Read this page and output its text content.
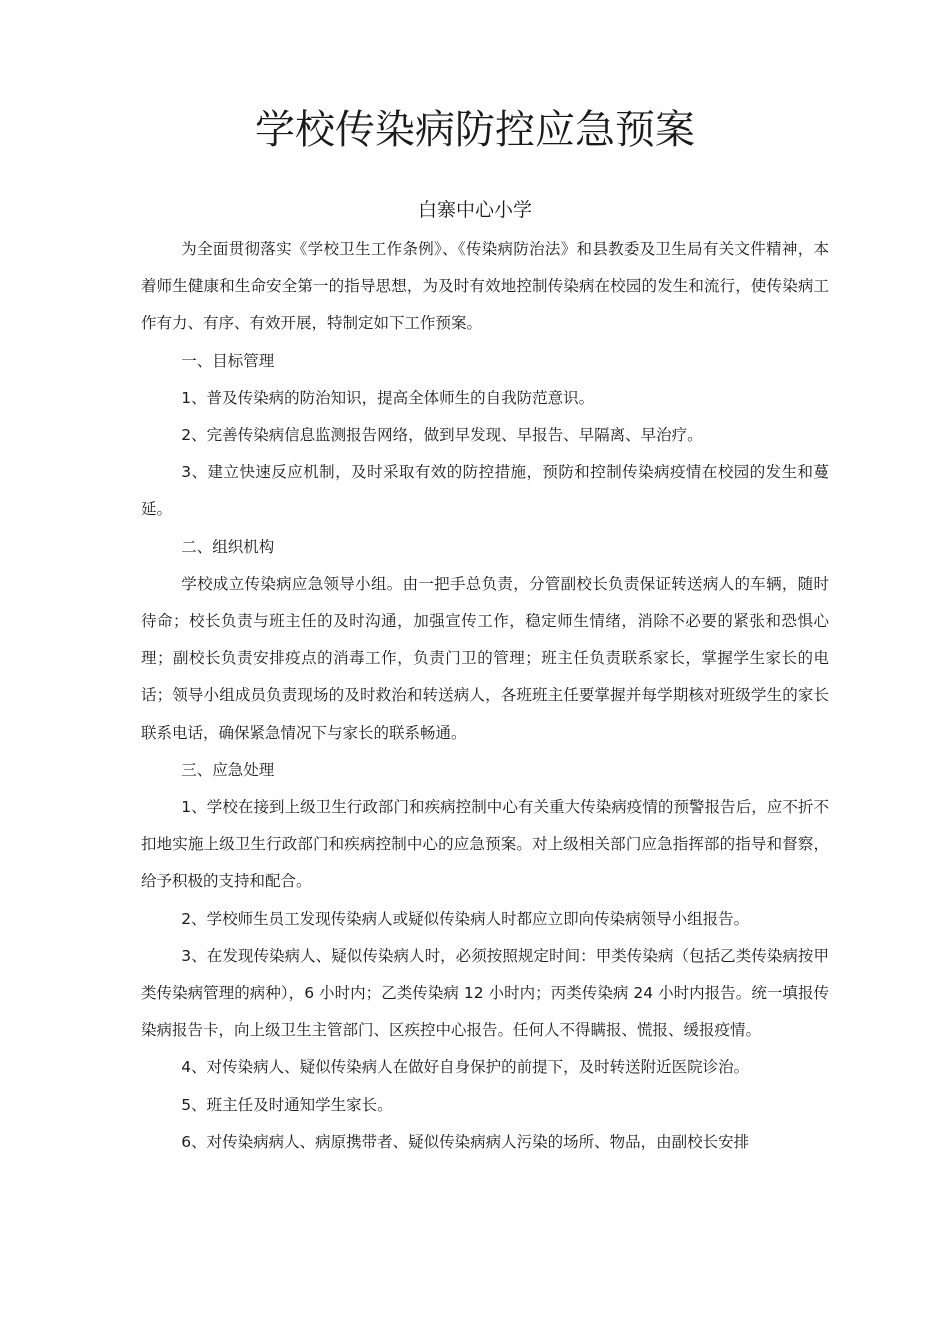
学校传染病防控应急预案
白寨中心小学

为全面贯彻落实《学校卫生工作条例》、《传染病防治法》和县教委及卫生局有关文件精神，本着师生健康和生命安全第一的指导思想，为及时有效地控制传染病在校园的发生和流行，使传染病工作有力、有序、有效开展，特制定如下工作预案。

一、目标管理

1、普及传染病的防治知识，提高全体师生的自我防范意识。

2、完善传染病信息监测报告网络，做到早发现、早报告、早隔离、早治疗。

3、建立快速反应机制，及时采取有效的防控措施，预防和控制传染病疫情在校园的发生和蔓延。

二、组织机构

学校成立传染病应急领导小组。由一把手总负责，分管副校长负责保证转送病人的车辆，随时待命；校长负责与班主任的及时沟通，加强宣传工作，稳定师生情绪，消除不必要的紧张和恐惧心理；副校长负责安排疫点的消毒工作，负责门卫的管理；班主任负责联系家长，掌握学生家长的电话；领导小组成员负责现场的及时救治和转送病人，各班班主任要掌握并每学期核对班级学生的家长联系电话，确保紧急情况下与家长的联系畅通。

三、应急处理

1、学校在接到上级卫生行政部门和疾病控制中心有关重大传染病疫情的预警报告后，应不折不扣地实施上级卫生行政部门和疾病控制中心的应急预案。对上级相关部门应急指挥部的指导和督察，给予积极的支持和配合。

2、学校师生员工发现传染病人或疑似传染病人时都应立即向传染病领导小组报告。

3、在发现传染病人、疑似传染病人时，必须按照规定时间：甲类传染病（包括乙类传染病按甲类传染病管理的病种），6 小时内；乙类传染病 12 小时内；丙类传染病 24 小时内报告。统一填报传染病报告卡，向上级卫生主管部门、区疾控中心报告。任何人不得瞒报、慌报、缓报疫情。

4、对传染病人、疑似传染病人在做好自身保护的前提下，及时转送附近医院诊治。

5、班主任及时通知学生家长。

6、对传染病病人、病原携带者、疑似传染病病人污染的场所、物品，由副校长安排
